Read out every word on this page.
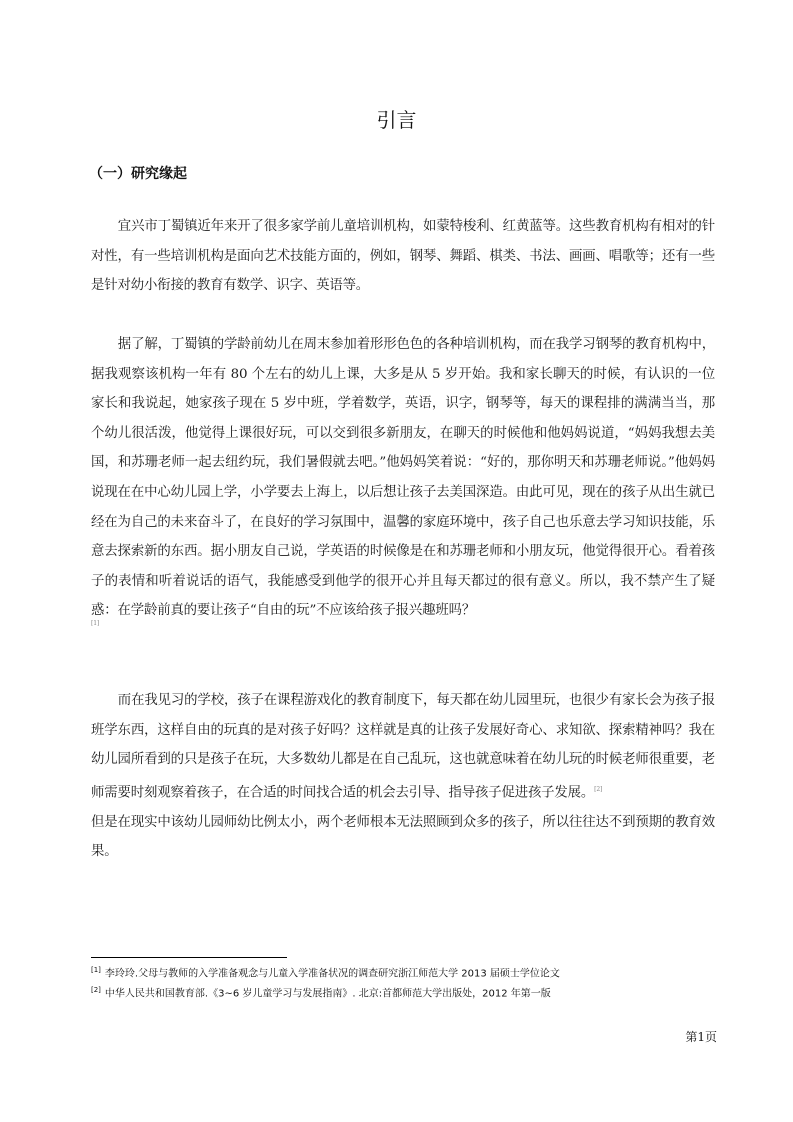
引言
（一）研究缘起

宜兴市丁蜀镇近年来开了很多家学前儿童培训机构，如蒙特梭利、红黄蓝等。这些教育机构有相对的针对性，有一些培训机构是面向艺术技能方面的，例如，钢琴、舞蹈、棋类、书法、画画、唱歌等；还有一些是针对幼小衔接的教育有数学、识字、英语等。

据了解，丁蜀镇的学龄前幼儿在周末参加着形形色色的各种培训机构，而在我学习钢琴的教育机构中，据我观察该机构一年有 80 个左右的幼儿上课，大多是从 5 岁开始。我和家长聊天的时候，有认识的一位家长和我说起，她家孩子现在 5 岁中班，学着数学，英语，识字，钢琴等，每天的课程排的满满当当，那个幼儿很活泼，他觉得上课很好玩，可以交到很多新朋友，在聊天的时候他和他妈妈说道，“妈妈我想去美国，和苏珊老师一起去纽约玩，我们暑假就去吧。”他妈妈笑着说：“好的，那你明天和苏珊老师说。”他妈妈说现在在中心幼儿园上学，小学要去上海上，以后想让孩子去美国深造。由此可见，现在的孩子从出生就已经在为自己的未来奋斗了，在良好的学习氛围中，温馨的家庭环境中，孩子自己也乐意去学习知识技能，乐意去探索新的东西。据小朋友自己说，学英语的时候像是在和苏珊老师和小朋友玩，他觉得很开心。看着孩子的表情和听着说话的语气，我能感受到他学的很开心并且每天都过的很有意义。所以，我不禁产生了疑惑：在学龄前真的要让孩子“自由的玩”不应该给孩子报兴趣班吗？

[1]

而在我见习的学校，孩子在课程游戏化的教育制度下，每天都在幼儿园里玩，也很少有家长会为孩子报班学东西，这样自由的玩真的是对孩子好吗？这样就是真的让孩子发展好奇心、求知欲、探索精神吗？我在幼儿园所看到的只是孩子在玩，大多数幼儿都是在自己乱玩，这也就意味着在幼儿玩的时候老师很重要，老师需要时刻观察着孩子，在合适的时间找合适的机会去引导、指导孩子促进孩子发展。[2]

但是在现实中该幼儿园师幼比例太小，两个老师根本无法照顾到众多的孩子，所以往往达不到预期的教育效果。

[1] 李玲玲.父母与教师的入学准备观念与儿童入学准备状况的调查研究浙江师范大学 2013 届硕士学位论文
[2] 中华人民共和国教育部.《3~6 岁儿童学习与发展指南》. 北京:首都师范大学出版处，2012 年第一版
第1页
